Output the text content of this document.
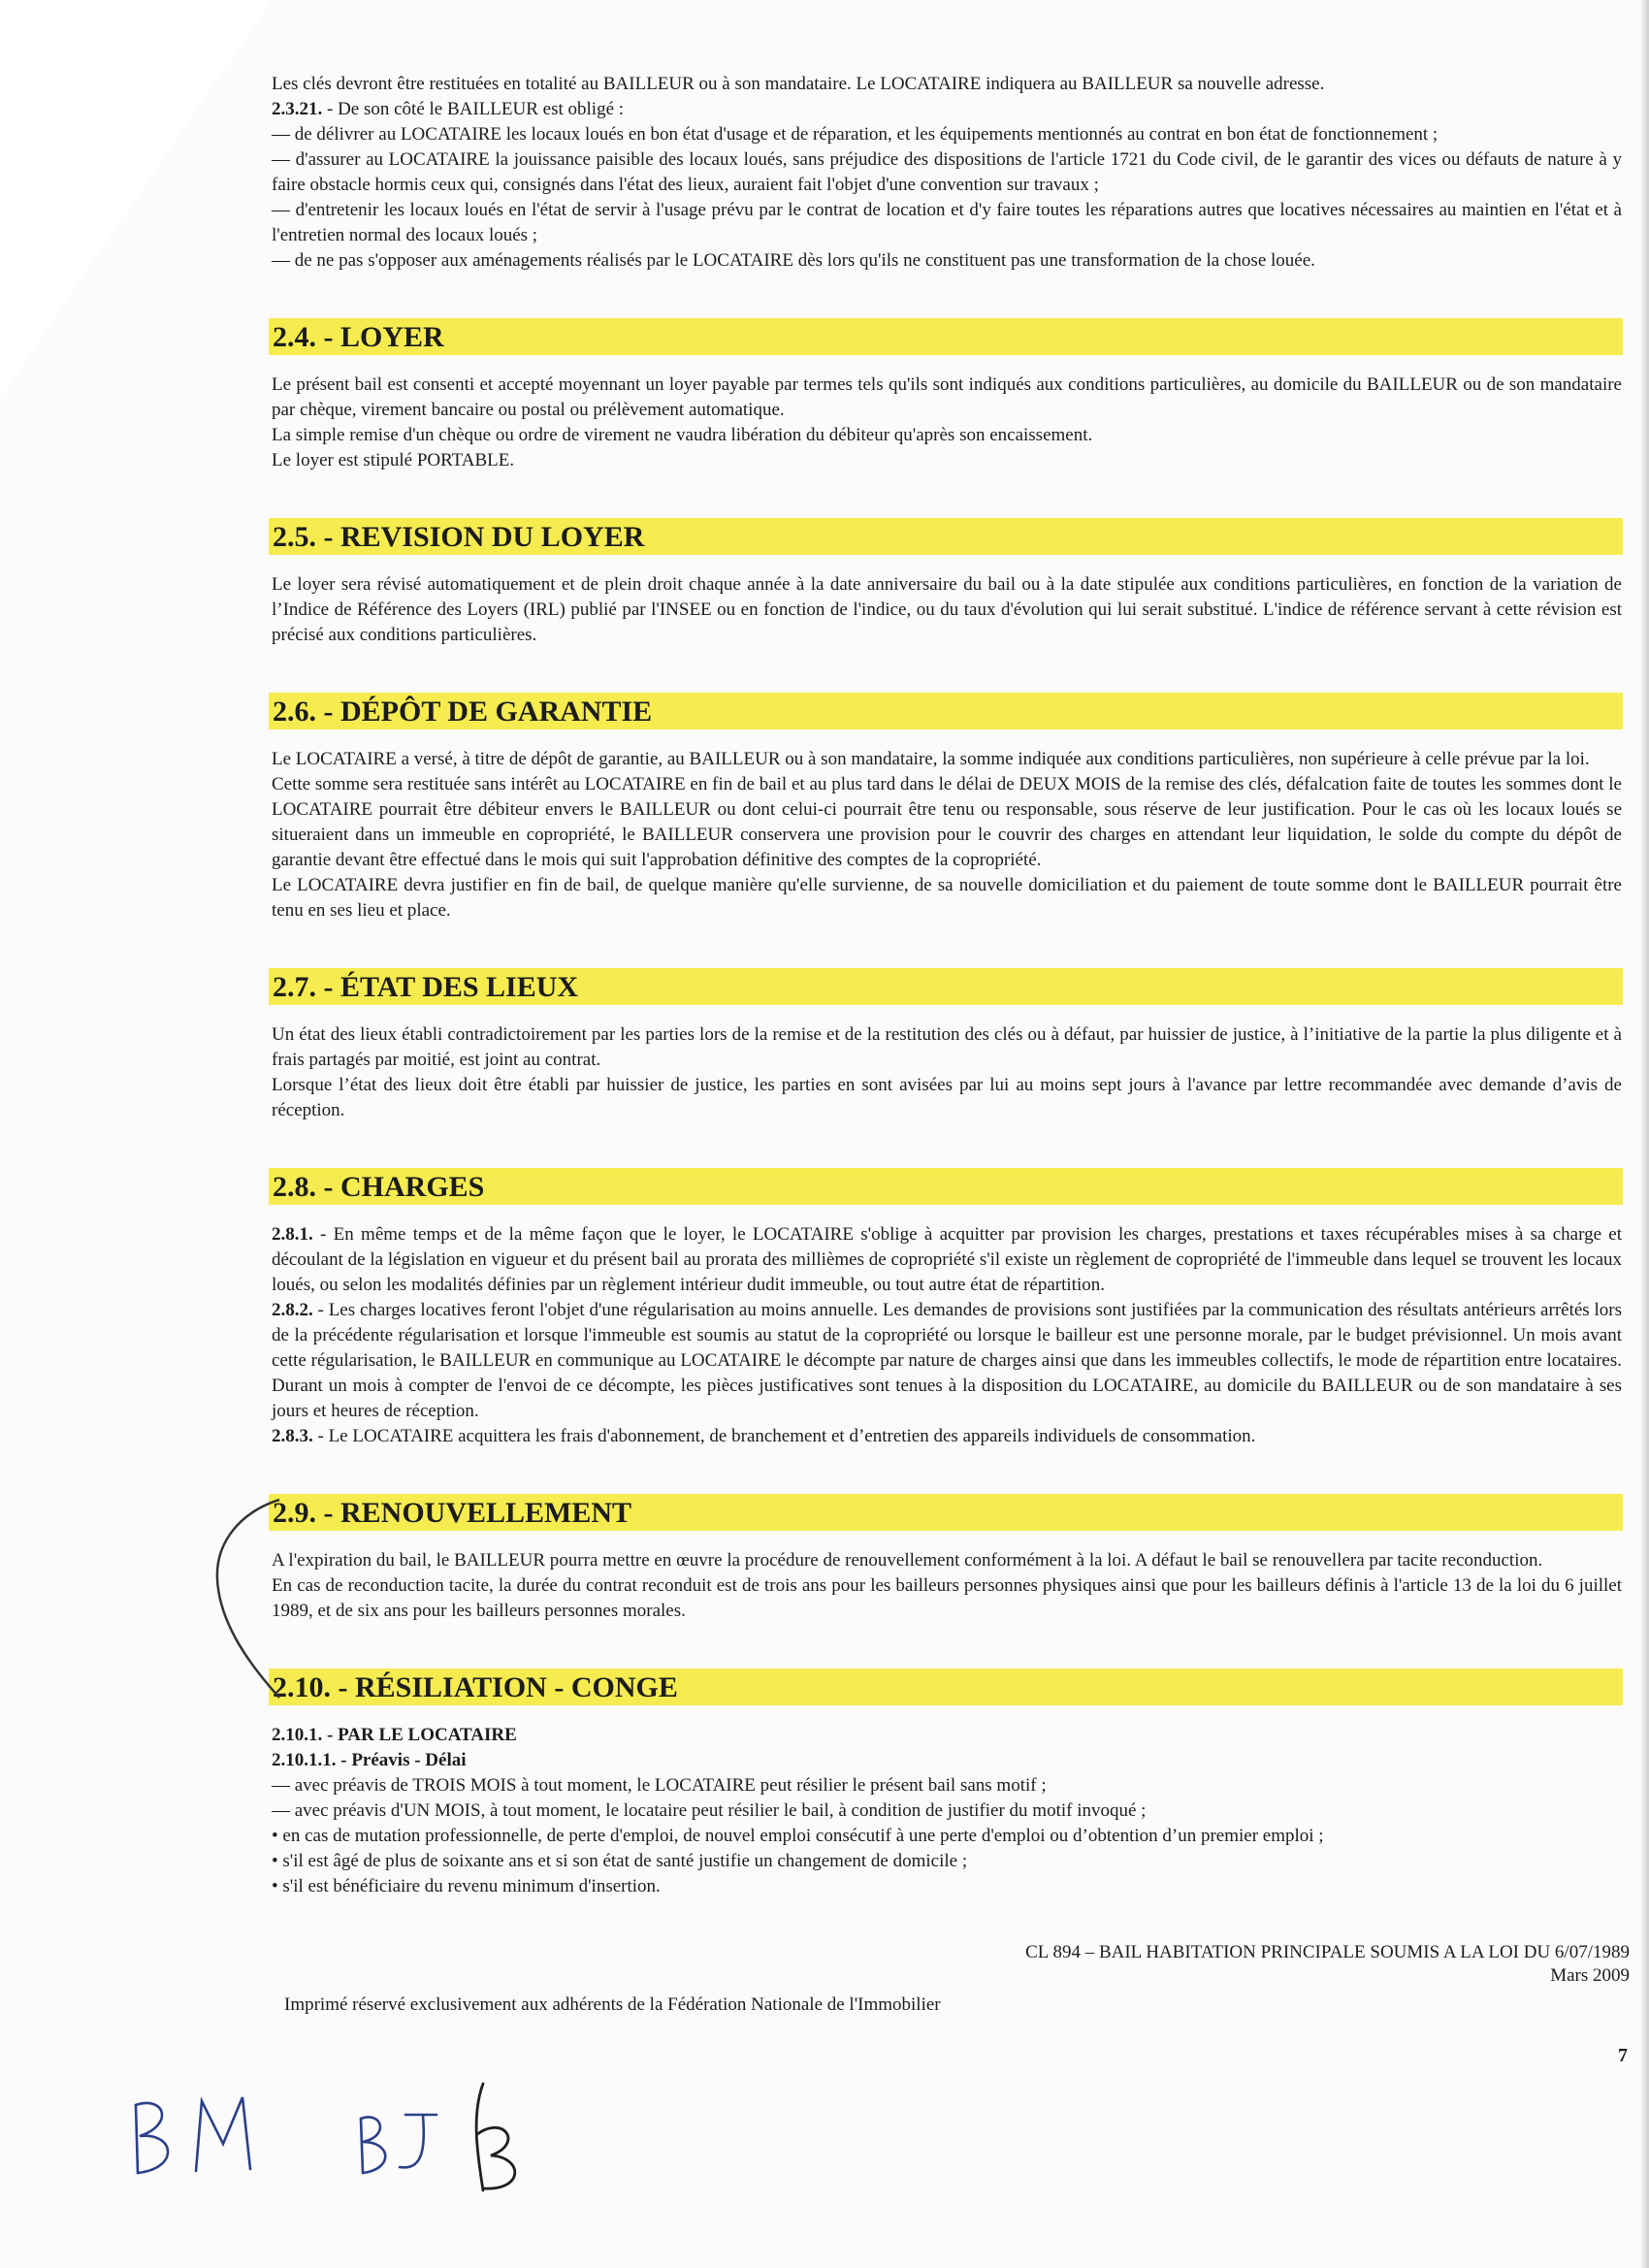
Les clés devront être restituées en totalité au BAILLEUR ou à son mandataire. Le LOCATAIRE indiquera au BAILLEUR sa nouvelle adresse.

2.3.21. - De son côté le BAILLEUR est obligé :

— de délivrer au LOCATAIRE les locaux loués en bon état d'usage et de réparation, et les équipements mentionnés au contrat en bon état de fonctionnement ;

— d'assurer au LOCATAIRE la jouissance paisible des locaux loués, sans préjudice des dispositions de l'article 1721 du Code civil, de le garantir des vices ou défauts de nature à y faire obstacle hormis ceux qui, consignés dans l'état des lieux, auraient fait l'objet d'une convention sur travaux ;

— d'entretenir les locaux loués en l'état de servir à l'usage prévu par le contrat de location et d'y faire toutes les réparations autres que locatives nécessaires au maintien en l'état et à l'entretien normal des locaux loués ;

— de ne pas s'opposer aux aménagements réalisés par le LOCATAIRE dès lors qu'ils ne constituent pas une transformation de la chose louée.

2.4. - LOYER

Le présent bail est consenti et accepté moyennant un loyer payable par termes tels qu'ils sont indiqués aux conditions particulières, au domicile du BAILLEUR ou de son mandataire par chèque, virement bancaire ou postal ou prélèvement automatique.

La simple remise d'un chèque ou ordre de virement ne vaudra libération du débiteur qu'après son encaissement.

Le loyer est stipulé PORTABLE.

2.5. - REVISION DU LOYER

Le loyer sera révisé automatiquement et de plein droit chaque année à la date anniversaire du bail ou à la date stipulée aux conditions particulières, en fonction de la variation de l’Indice de Référence des Loyers (IRL) publié par l'INSEE ou en fonction de l'indice, ou du taux d'évolution qui lui serait substitué. L'indice de référence servant à cette révision est précisé aux conditions particulières.

2.6. - DÉPÔT DE GARANTIE

Le LOCATAIRE a versé, à titre de dépôt de garantie, au BAILLEUR ou à son mandataire, la somme indiquée aux conditions particulières, non supérieure à celle prévue par la loi.

Cette somme sera restituée sans intérêt au LOCATAIRE en fin de bail et au plus tard dans le délai de DEUX MOIS de la remise des clés, défalcation faite de toutes les sommes dont le LOCATAIRE pourrait être débiteur envers le BAILLEUR ou dont celui-ci pourrait être tenu ou responsable, sous réserve de leur justification. Pour le cas où les locaux loués se situeraient dans un immeuble en copropriété, le BAILLEUR conservera une provision pour le couvrir des charges en attendant leur liquidation, le solde du compte du dépôt de garantie devant être effectué dans le mois qui suit l'approbation définitive des comptes de la copropriété.

Le LOCATAIRE devra justifier en fin de bail, de quelque manière qu'elle survienne, de sa nouvelle domiciliation et du paiement de toute somme dont le BAILLEUR pourrait être tenu en ses lieu et place.

2.7. - ÉTAT DES LIEUX

Un état des lieux établi contradictoirement par les parties lors de la remise et de la restitution des clés ou à défaut, par huissier de justice, à l’initiative de la partie la plus diligente et à frais partagés par moitié, est joint au contrat.

Lorsque l’état des lieux doit être établi par huissier de justice, les parties en sont avisées par lui au moins sept jours à l'avance par lettre recommandée avec demande d’avis de réception.

2.8. - CHARGES

2.8.1. - En même temps et de la même façon que le loyer, le LOCATAIRE s'oblige à acquitter par provision les charges, prestations et taxes récupérables mises à sa charge et découlant de la législation en vigueur et du présent bail au prorata des millièmes de copropriété s'il existe un règlement de copropriété de l'immeuble dans lequel se trouvent les locaux loués, ou selon les modalités définies par un règlement intérieur dudit immeuble, ou tout autre état de répartition.

2.8.2. - Les charges locatives feront l'objet d'une régularisation au moins annuelle. Les demandes de provisions sont justifiées par la communication des résultats antérieurs arrêtés lors de la précédente régularisation et lorsque l'immeuble est soumis au statut de la copropriété ou lorsque le bailleur est une personne morale, par le budget prévisionnel. Un mois avant cette régularisation, le BAILLEUR en communique au LOCATAIRE le décompte par nature de charges ainsi que dans les immeubles collectifs, le mode de répartition entre locataires. Durant un mois à compter de l'envoi de ce décompte, les pièces justificatives sont tenues à la disposition du LOCATAIRE, au domicile du BAILLEUR ou de son mandataire à ses jours et heures de réception.

2.8.3. - Le LOCATAIRE acquittera les frais d'abonnement, de branchement et d’entretien des appareils individuels de consommation.

2.9. - RENOUVELLEMENT

A l'expiration du bail, le BAILLEUR pourra mettre en œuvre la procédure de renouvellement conformément à la loi. A défaut le bail se renouvellera par tacite reconduction.

En cas de reconduction tacite, la durée du contrat reconduit est de trois ans pour les bailleurs personnes physiques ainsi que pour les bailleurs définis à l'article 13 de la loi du 6 juillet 1989, et de six ans pour les bailleurs personnes morales.

2.10. - RÉSILIATION - CONGE

2.10.1. - PAR LE LOCATAIRE

2.10.1.1. - Préavis - Délai

— avec préavis de TROIS MOIS à tout moment, le LOCATAIRE peut résilier le présent bail sans motif ;

— avec préavis d'UN MOIS, à tout moment, le locataire peut résilier le bail, à condition de justifier du motif invoqué ;

• en cas de mutation professionnelle, de perte d'emploi, de nouvel emploi consécutif à une perte d'emploi ou d’obtention d’un premier emploi ;

• s'il est âgé de plus de soixante ans et si son état de santé justifie un changement de domicile ;

• s'il est bénéficiaire du revenu minimum d'insertion.

CL 894 – BAIL HABITATION PRINCIPALE SOUMIS A LA LOI DU 6/07/1989
Mars 2009
Imprimé réservé exclusivement aux adhérents de la Fédération Nationale de l'Immobilier
7
